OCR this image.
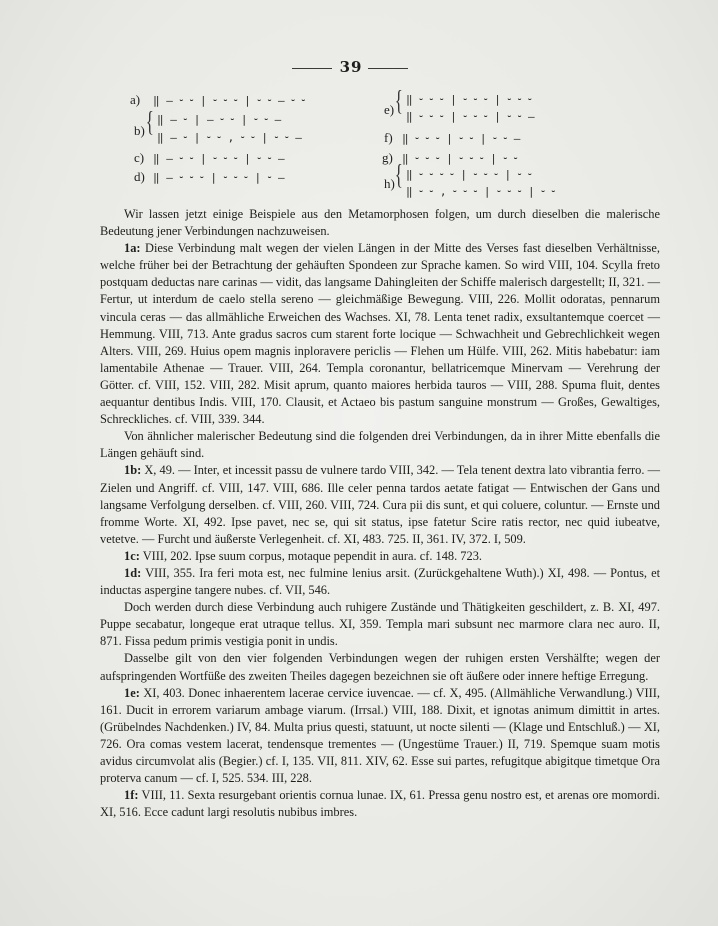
39
a) ‖ ‒ ⏑ ⏑ | ⏑ ⏑ ⏑ | ⏑ ⏑ ‒ ⏑ ⏑
b) { ‖ ‒ ⏑ | ‒ ⏑ ⏑ | ⏑ ⏑ ‒
‖ ‒ ⏑ | ⏑ ⏑ , ⏑ ⏑ | ⏑ ⏑ ‒
c) ‖ ‒ ⏑ ⏑ | ⏑ ⏑ ⏑ | ⏑ ⏑ ‒
d) ‖ ‒ ⏑ ⏑ ⏑ | ⏑ ⏑ ⏑ | ⏑ ‒
e) { ‖ ⏑ ⏑ ⏑ | ⏑ ⏑ ⏑ | ⏑ ⏑ ⏑
‖ ⏑ ⏑ ⏑ | ⏑ ⏑ ⏑ | ⏑ ⏑ ‒
f) ‖ ⏑ ⏑ ⏑ | ⏑ ⏑ | ⏑ ⏑ ‒
g) ‖ ⏑ ⏑ ⏑ | ⏑ ⏑ ⏑ | ⏑ ⏑
h) { ‖ ⏑ ⏑ ⏑ ⏑ | ⏑ ⏑ ⏑ | ⏑ ⏑
‖ ⏑ ⏑ , ⏑ ⏑ ⏑ | ⏑ ⏑ ⏑ | ⏑ ⏑

Wir lassen jetzt einige Beispiele aus den Metamorphosen folgen, um durch dieselben die malerische Bedeutung jener Verbindungen nachzuweisen.

1a: Diese Verbindung malt wegen der vielen Längen in der Mitte des Verses fast dieselben Verhältnisse, welche früher bei der Betrachtung der gehäuften Spondeen zur Sprache kamen. So wird VIII, 104. Scylla freto postquam deductas nare carinas — vidit, das langsame Dahingleiten der Schiffe malerisch dargestellt; II, 321. — Fertur, ut interdum de caelo stella sereno — gleichmäßige Bewegung. VIII, 226. Mollit odoratas, pennarum vincula ceras — das allmähliche Erweichen des Wachses. XI, 78. Lenta tenet radix, exsultantemque coercet — Hemmung. VIII, 713. Ante gradus sacros cum starent forte locique — Schwachheit und Gebrechlichkeit wegen Alters. VIII, 269. Huius opem magnis inploravere periclis — Flehen um Hülfe. VIII, 262. Mitis habebatur: iam lamentabile Athenae — Trauer. VIII, 264. Templa coronantur, bellatricemque Minervam — Verehrung der Götter. cf. VIII, 152. VIII, 282. Misit aprum, quanto maiores herbida tauros — VIII, 288. Spuma fluit, dentes aequantur dentibus Indis. VIII, 170. Clausit, et Actaeo bis pastum sanguine monstrum — Großes, Gewaltiges, Schreckliches. cf. VIII, 339. 344.

Von ähnlicher malerischer Bedeutung sind die folgenden drei Verbindungen, da in ihrer Mitte ebenfalls die Längen gehäuft sind.

1b: X, 49. — Inter, et incessit passu de vulnere tardo VIII, 342. — Tela tenent dextra lato vibrantia ferro. — Zielen und Angriff. cf. VIII, 147. VIII, 686. Ille celer penna tardos aetate fatigat — Entwischen der Gans und langsame Verfolgung derselben. cf. VIII, 260. VIII, 724. Cura pii dis sunt, et qui coluere, coluntur. — Ernste und fromme Worte. XI, 492. Ipse pavet, nec se, qui sit status, ipse fatetur Scire ratis rector, nec quid iubeatve, vetetve. — Furcht und äußerste Verlegenheit. cf. XI, 483. 725. II, 361. IV, 372. I, 509.

1c: VIII, 202. Ipse suum corpus, motaque pependit in aura. cf. 148. 723.

1d: VIII, 355. Ira feri mota est, nec fulmine lenius arsit. (Zurückgehaltene Wuth).) XI, 498. — Pontus, et inductas aspergine tangere nubes. cf. VII, 546.

Doch werden durch diese Verbindung auch ruhigere Zustände und Thätigkeiten geschildert, z. B. XI, 497. Puppe secabatur, longeque erat utraque tellus. XI, 359. Templa mari subsunt nec marmore clara nec auro. II, 871. Fissa pedum primis vestigia ponit in undis.

Dasselbe gilt von den vier folgenden Verbindungen wegen der ruhigen ersten Vershälfte; wegen der aufspringenden Wortfüße des zweiten Theiles dagegen bezeichnen sie oft äußere oder innere heftige Erregung.

1e: XI, 403. Donec inhaerentem lacerae cervice iuvencae. — cf. X, 495. (Allmähliche Verwandlung.) VIII, 161. Ducit in errorem variarum ambage viarum. (Irrsal.) VIII, 188. Dixit, et ignotas animum dimittit in artes. (Grübelndes Nachdenken.) IV, 84. Multa prius questi, statuunt, ut nocte silenti — (Klage und Entschluß.) — XI, 726. Ora comas vestem lacerat, tendensque trementes — (Ungestüme Trauer.) II, 719. Spemque suam motis avidus circumvolat alis (Begier.) cf. I, 135. VII, 811. XIV, 62. Esse sui partes, refugitque abigitque timetque Ora proterva canum — cf. I, 525. 534. III, 228.

1f: VIII, 11. Sexta resurgebant orientis cornua lunae. IX, 61. Pressa genu nostro est, et arenas ore momordi. XI, 516. Ecce cadunt largi resolutis nubibus imbres.
